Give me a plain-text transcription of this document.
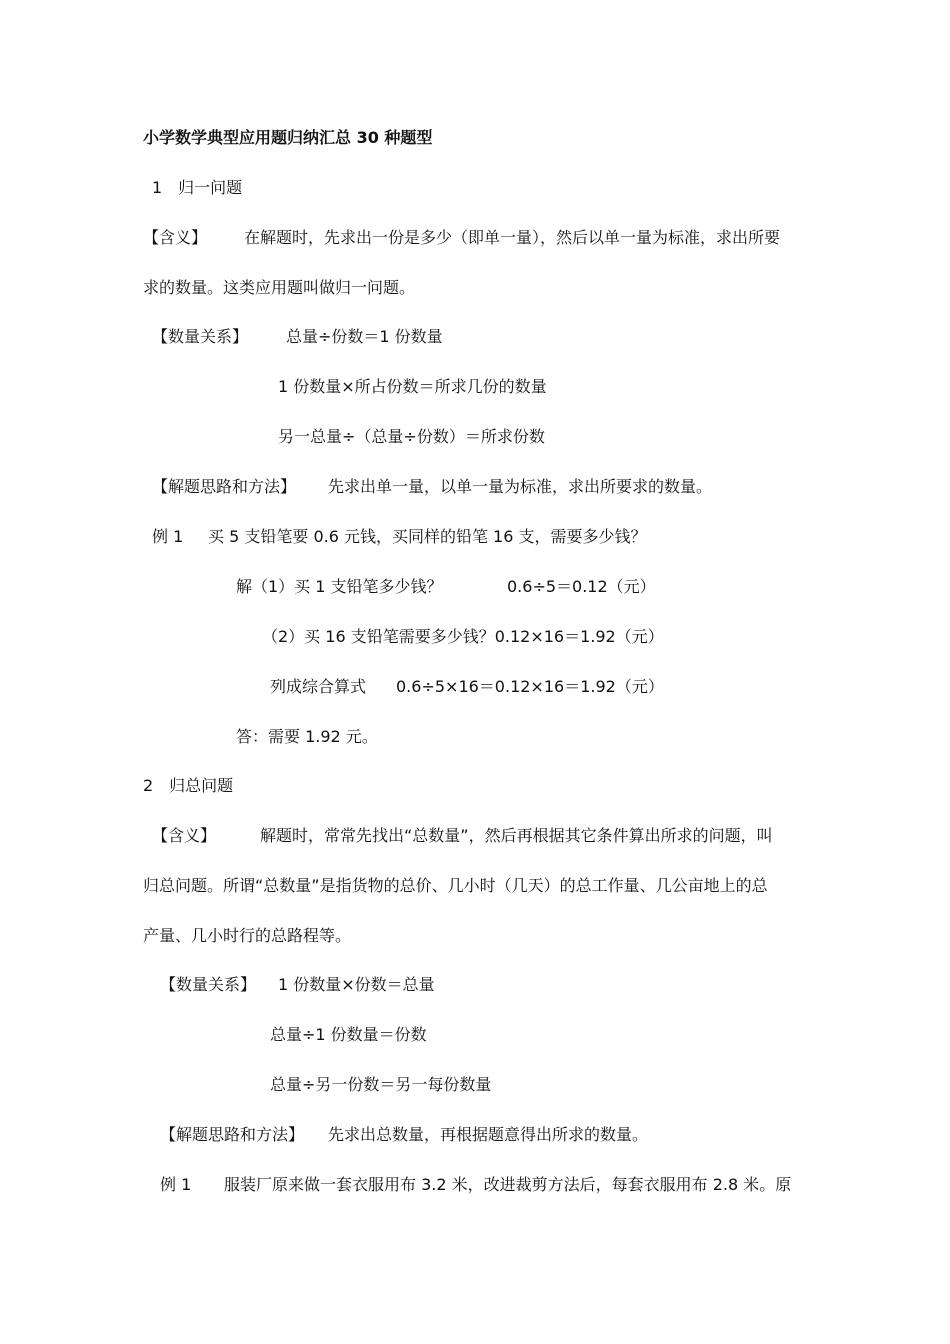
小学数学典型应用题归纳汇总 30 种题型
1　归一问题
【含义】 在解题时，先求出一份是多少（即单一量），然后以单一量为标准，求出所要
求的数量。这类应用题叫做归一问题。
【数量关系】 总量÷份数＝1 份数量
1 份数量×所占份数＝所求几份的数量
另一总量÷（总量÷份数）＝所求份数
【解题思路和方法】 先求出单一量，以单一量为标准，求出所要求的数量。
例 1 买 5 支铅笔要 0.6 元钱，买同样的铅笔 16 支，需要多少钱？
解（1）买 1 支铅笔多少钱？	0.6÷5＝0.12（元）
（2）买 16 支铅笔需要多少钱？0.12×16＝1.92（元）
列成综合算式 0.6÷5×16＝0.12×16＝1.92（元）
答：需要 1.92 元。
2　归总问题
【含义】	解题时，常常先找出“总数量”，然后再根据其它条件算出所求的问题，叫
归总问题。所谓“总数量”是指货物的总价、几小时（几天）的总工作量、几公亩地上的总
产量、几小时行的总路程等。
【数量关系】 1 份数量×份数＝总量
总量÷1 份数量＝份数
总量÷另一份数＝另一每份数量
【解题思路和方法】 先求出总数量，再根据题意得出所求的数量。
例 1 服装厂原来做一套衣服用布 3.2 米，改进裁剪方法后，每套衣服用布 2.8 米。原
